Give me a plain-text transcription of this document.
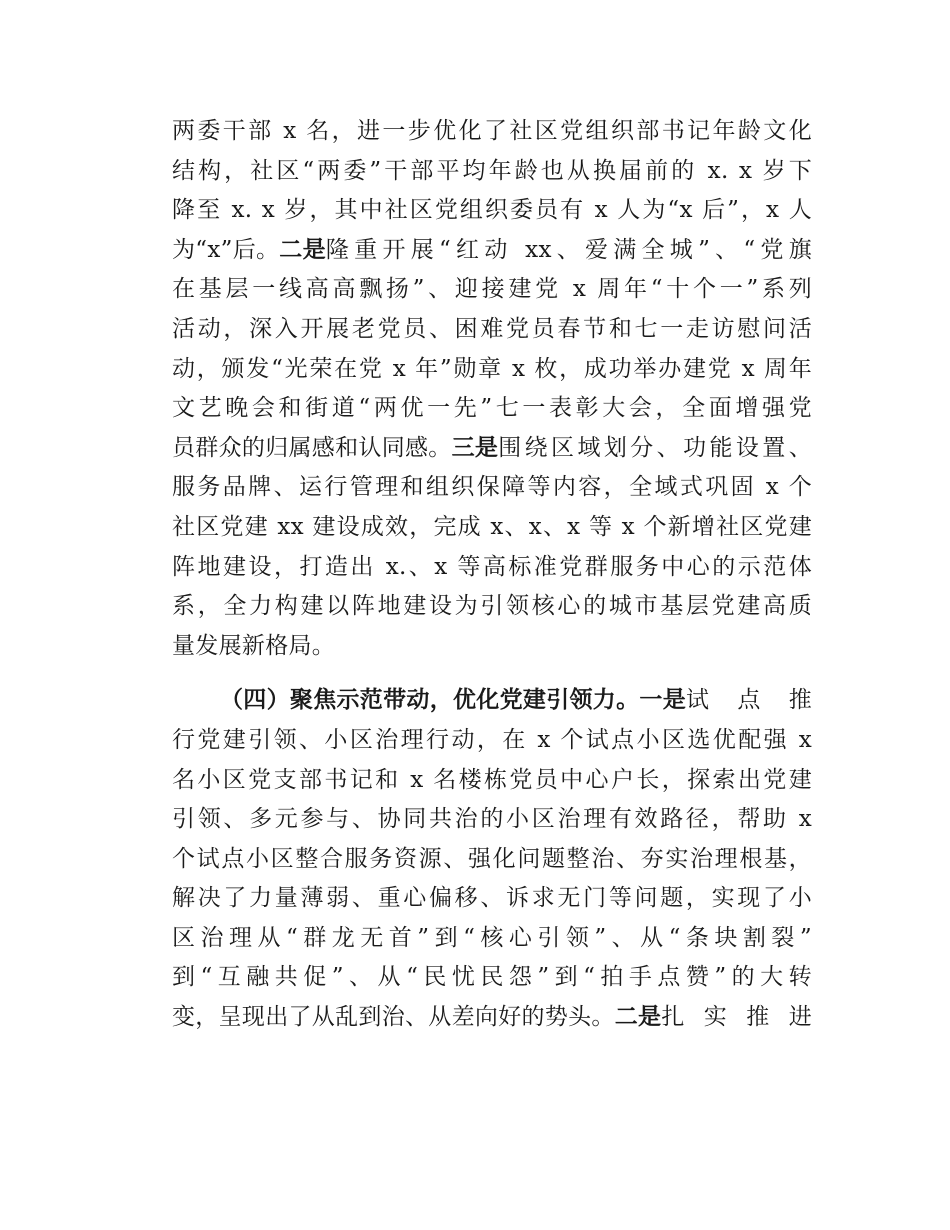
两委干部 x 名，进一步优化了社区党组织部书记年龄文化
结构，社区“两委”干部平均年龄也从换届前的 x. x 岁下
降至 x. x 岁，其中社区党组织委员有 x 人为“x 后”，x 人
为“x”后。 二是 隆重开展“红动 xx、爱满全城”、“党旗
在基层一线高高飘扬”、迎接建党 x 周年“十个一”系列
活动，深入开展老党员、困难党员春节和七一走访慰问活
动，颁发“光荣在党 x 年”勋章 x 枚，成功举办建党 x 周年
文艺晚会和街道“两优一先”七一表彰大会，全面增强党
员群众的归属感和认同感。 三是 围绕区域划分、功能设置、
服务品牌、运行管理和组织保障等内容，全域式巩固 x 个
社区党建 xx 建设成效，完成 x、x、x 等 x 个新增社区党建
阵地建设，打造出 x.、x 等高标准党群服务中心的示范体
系，全力构建以阵地建设为引领核心的城市基层党建高质
量发展新格局。
（四）聚焦示范带动，优化党建引领力。 一是 试点推
行党建引领、小区治理行动，在 x 个试点小区选优配强 x
名小区党支部书记和 x 名楼栋党员中心户长，探索出党建
引领、多元参与、协同共治的小区治理有效路径，帮助 x
个试点小区整合服务资源、强化问题整治、夯实治理根基，
解决了力量薄弱、重心偏移、诉求无门等问题，实现了小
区治理从“群龙无首”到“核心引领”、从“条块割裂”
到“互融共促”、从“民忧民怨”到“拍手点赞”的大转
变，呈现出了从乱到治、从差向好的势头。 二是 扎实推进
